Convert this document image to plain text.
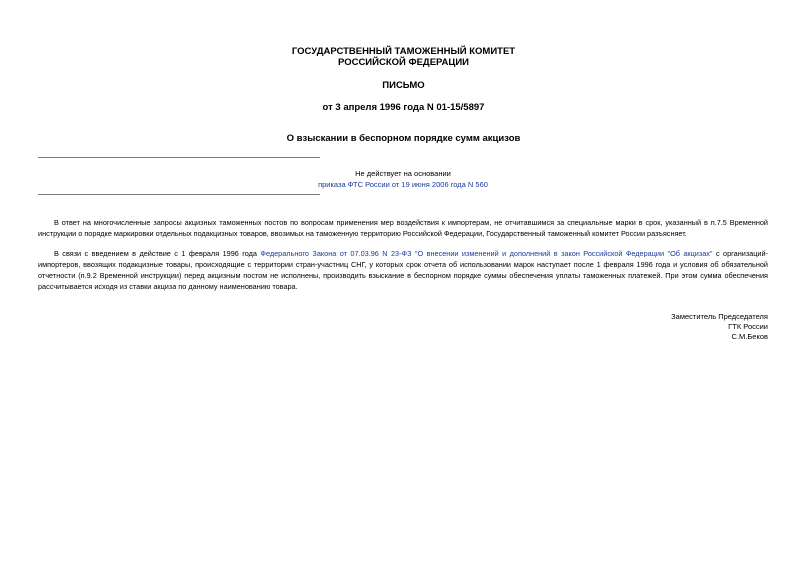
ГОСУДАРСТВЕННЫЙ ТАМОЖЕННЫЙ КОМИТЕТ
РОССИЙСКОЙ ФЕДЕРАЦИИ
ПИСЬМО
от 3 апреля 1996 года N 01-15/5897
О взыскании в беспорном порядке сумм акцизов
Не действует на основании
приказа ФТС России от 19 июня 2006 года N 560
В ответ на многочисленные запросы акцизных таможенных постов по вопросам применения мер воздействия к импортерам, не отчитавшимся за специальные марки в срок, указанный в п.7.5 Временной инструкции о порядке маркировки отдельных подакцизных товаров, ввозимых на таможенную территорию Российской Федерации, Государственный таможенный комитет России разъясняет.
В связи с введением в действие с 1 февраля 1996 года Федерального Закона от 07.03.96 N 23-ФЗ "О внесении изменений и дополнений в закон Российской Федерации "Об акцизах" с организаций-импортеров, ввозящих подакцизные товары, происходящие с территории стран-участниц СНГ, у которых срок отчета об использовании марок наступает после 1 февраля 1996 года и условия об обязательной отчетности (п.9.2 Временной инструкции) перед акцизным постом не исполнены, производить взыскание в беспорном порядке суммы обеспечения уплаты таможенных платежей. При этом сумма обеспечения рассчитывается исходя из ставки акциза по данному наименованию товара.
Заместитель Председателя
ГТК России
С.М.Беков
